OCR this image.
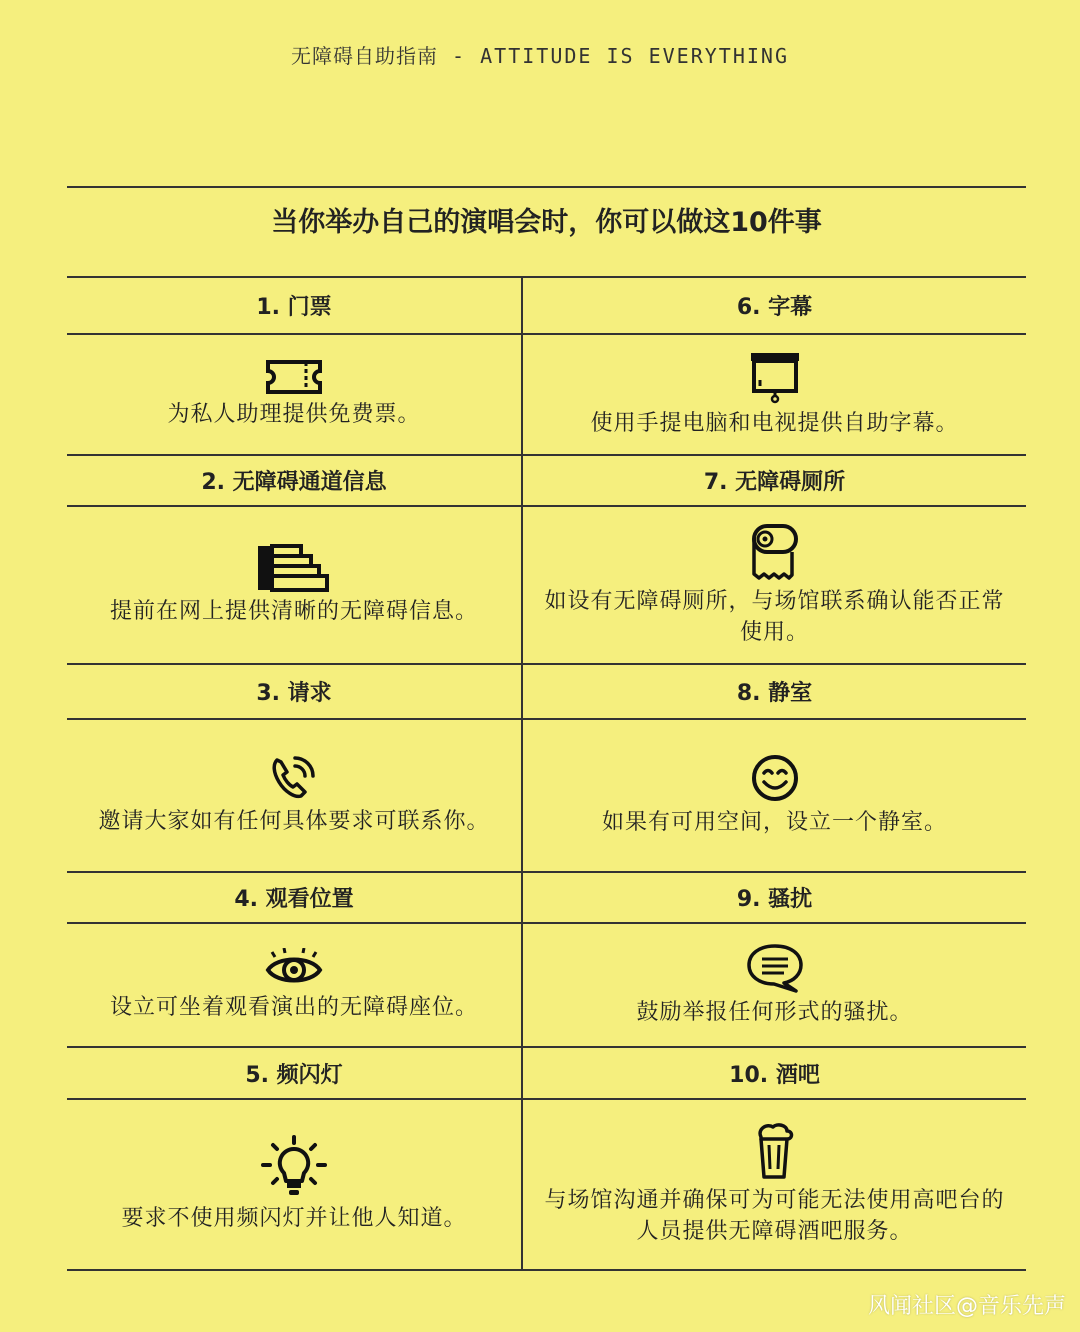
无障碍自助指南 - ATTITUDE IS EVERYTHING
当你举办自己的演唱会时，你可以做这10件事
1. 门票
为私人助理提供免费票。
2. 无障碍通道信息
提前在网上提供清晰的无障碍信息。
3. 请求
邀请大家如有任何具体要求可联系你。
4. 观看位置
设立可坐着观看演出的无障碍座位。
5. 频闪灯
要求不使用频闪灯并让他人知道。
6. 字幕
使用手提电脑和电视提供自助字幕。
7. 无障碍厕所
如设有无障碍厕所，与场馆联系确认能否正常使用。
8. 静室
如果有可用空间，设立一个静室。
9. 骚扰
鼓励举报任何形式的骚扰。
10. 酒吧
与场馆沟通并确保可为可能无法使用高吧台的人员提供无障碍酒吧服务。
风闻社区@音乐先声
